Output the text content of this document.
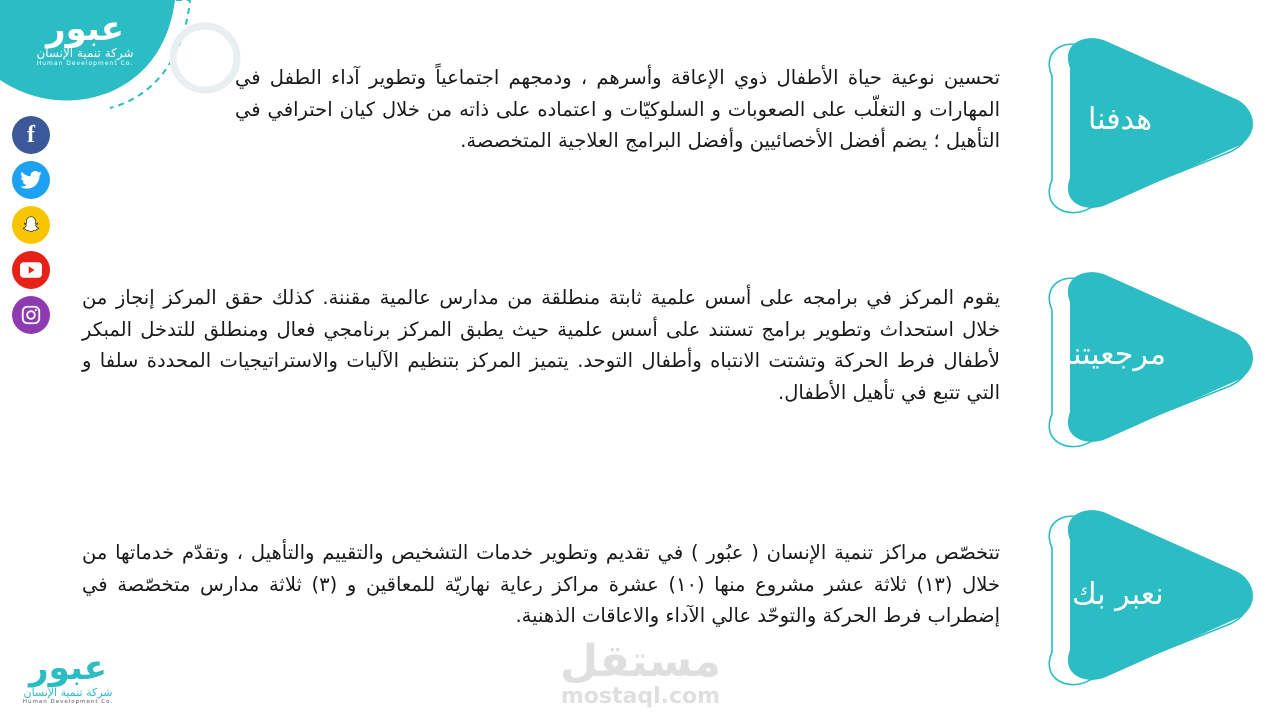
عبور
شركة تنمية الإنسان
Human Development Co.
f
تحسين نوعية حياة الأطفال ذوي الإعاقة وأسرهم ، ودمجهم اجتماعياً وتطوير آداء الطفل في المهارات و التغلّب على الصعوبات و السلوكيّات و اعتماده على ذاته من خلال كيان احترافي في التأهيل ؛ يضم أفضل الأخصائيين وأفضل البرامج العلاجية المتخصصة.
يقوم المركز في برامجه على أسس علمية ثابتة منطلقة من مدارس عالمية مقننة. كذلك حقق المركز إنجاز من خلال استحداث وتطوير برامج تستند على أسس علمية حيث يطبق المركز برنامجي فعال ومنطلق للتدخل المبكر لأطفال فرط الحركة وتشتت الانتباه وأطفال التوحد. يتميز المركز بتنظيم الآليات والاستراتيجيات المحددة سلفا و التي تتبع في تأهيل الأطفال.
تتخصّص مراكز تنمية الإنسان ( عبُور ) في تقديم وتطوير خدمات التشخيص والتقييم والتأهيل ، وتقدّم خدماتها من خلال (١٣) ثلاثة عشر مشروع منها (١٠) عشرة مراكز رعاية نهاريّة للمعاقين و (٣) ثلاثة مدارس متخصّصة في إضطراب فرط الحركة والتوحّد عالي الآداء والاعاقات الذهنية.
هدفنا
مرجعيتنا
نعبر بك
مستقل
mostaql.com
عبور
شركة تنمية الإنسان
Human Development Co.
